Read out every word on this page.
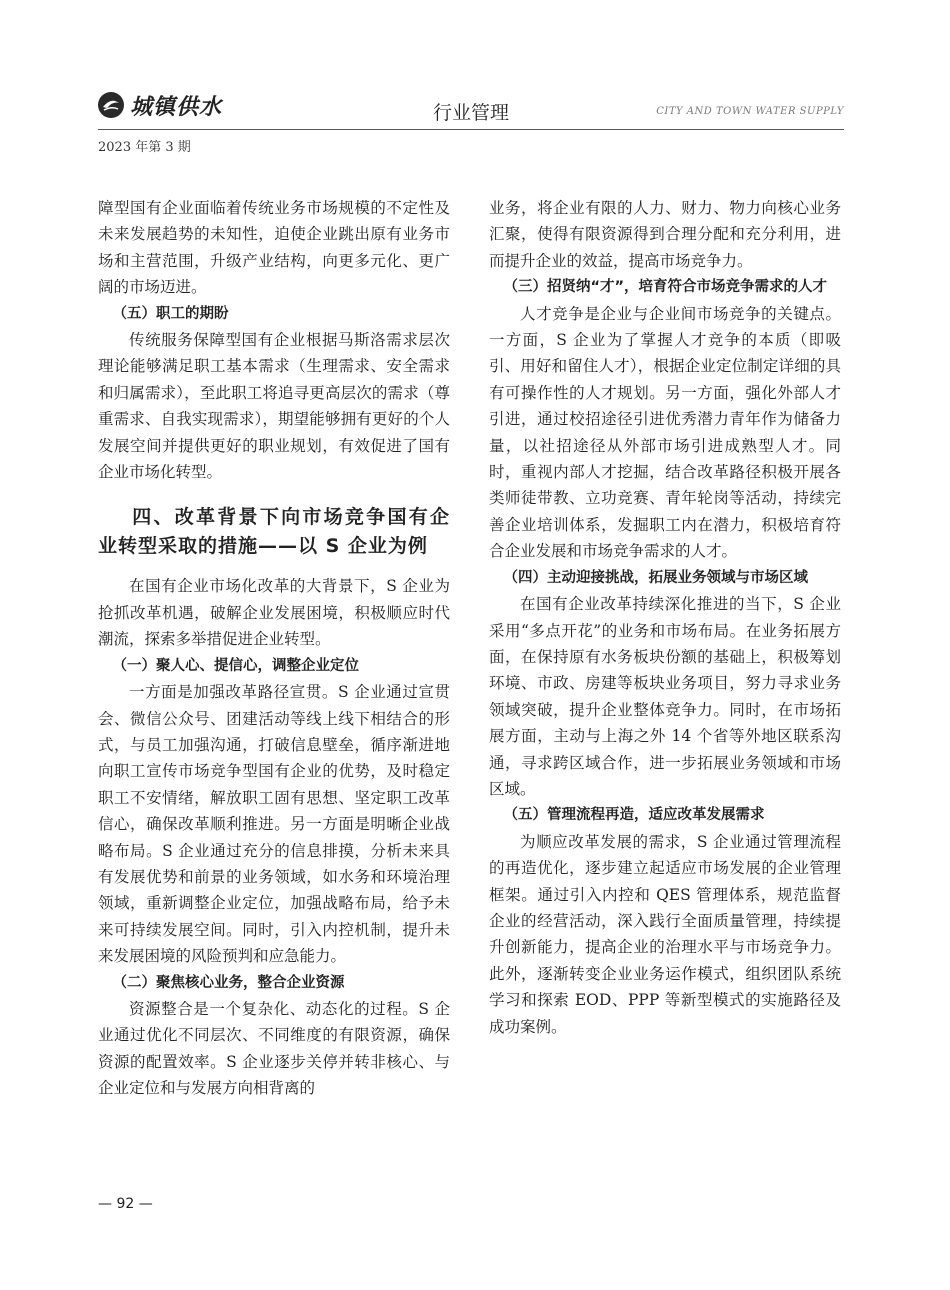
城镇供水	行业管理	CITY AND TOWN WATER SUPPLY
2023 年第 3 期

障型国有企业面临着传统业务市场规模的不定性及未来发展趋势的未知性，迫使企业跳出原有业务市场和主营范围，升级产业结构，向更多元化、更广阔的市场迈进。

（五）职工的期盼

传统服务保障型国有企业根据马斯洛需求层次理论能够满足职工基本需求（生理需求、安全需求和归属需求），至此职工将追寻更高层次的需求（尊重需求、自我实现需求），期望能够拥有更好的个人发展空间并提供更好的职业规划，有效促进了国有企业市场化转型。

四、改革背景下向市场竞争国有企业转型采取的措施——以 S 企业为例

在国有企业市场化改革的大背景下，S 企业为抢抓改革机遇，破解企业发展困境，积极顺应时代潮流，探索多举措促进企业转型。

（一）聚人心、提信心，调整企业定位

一方面是加强改革路径宣贯。S 企业通过宣贯会、微信公众号、团建活动等线上线下相结合的形式，与员工加强沟通，打破信息壁垒，循序渐进地向职工宣传市场竞争型国有企业的优势，及时稳定职工不安情绪，解放职工固有思想、坚定职工改革信心，确保改革顺利推进。另一方面是明晰企业战略布局。S 企业通过充分的信息排摸，分析未来具有发展优势和前景的业务领域，如水务和环境治理领域，重新调整企业定位，加强战略布局，给予未来可持续发展空间。同时，引入内控机制，提升未来发展困境的风险预判和应急能力。

（二）聚焦核心业务，整合企业资源

资源整合是一个复杂化、动态化的过程。S 企业通过优化不同层次、不同维度的有限资源，确保资源的配置效率。S 企业逐步关停并转非核心、与企业定位和与发展方向相背离的

业务，将企业有限的人力、财力、物力向核心业务汇聚，使得有限资源得到合理分配和充分利用，进而提升企业的效益，提高市场竞争力。

（三）招贤纳“才”，培育符合市场竞争需求的人才

人才竞争是企业与企业间市场竞争的关键点。一方面，S 企业为了掌握人才竞争的本质（即吸引、用好和留住人才），根据企业定位制定详细的具有可操作性的人才规划。另一方面，强化外部人才引进，通过校招途径引进优秀潜力青年作为储备力量，以社招途径从外部市场引进成熟型人才。同时，重视内部人才挖掘，结合改革路径积极开展各类师徒带教、立功竞赛、青年轮岗等活动，持续完善企业培训体系，发掘职工内在潜力，积极培育符合企业发展和市场竞争需求的人才。

（四）主动迎接挑战，拓展业务领域与市场区域

在国有企业改革持续深化推进的当下，S 企业采用“多点开花”的业务和市场布局。在业务拓展方面，在保持原有水务板块份额的基础上，积极筹划环境、市政、房建等板块业务项目，努力寻求业务领域突破，提升企业整体竞争力。同时，在市场拓展方面，主动与上海之外 14 个省等外地区联系沟通，寻求跨区域合作，进一步拓展业务领域和市场区域。

（五）管理流程再造，适应改革发展需求

为顺应改革发展的需求，S 企业通过管理流程的再造优化，逐步建立起适应市场发展的企业管理框架。通过引入内控和 QES 管理体系，规范监督企业的经营活动，深入践行全面质量管理，持续提升创新能力，提高企业的治理水平与市场竞争力。此外，逐渐转变企业业务运作模式，组织团队系统学习和探索 EOD、PPP 等新型模式的实施路径及成功案例。

— 92 —
